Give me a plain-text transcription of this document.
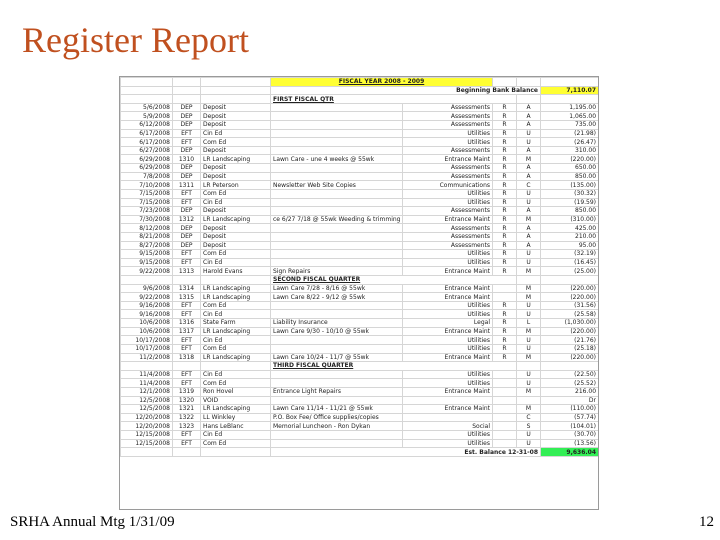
Register Report
			FISCAL YEAR 2008 - 2009				
			Beginning Bank Balance				7,110.07
			FIRST FISCAL QTR				
5/6/2008	DEP	Deposit		Assessments	R	A	1,195.00
5/9/2008	DEP	Deposit		Assessments	R	A	1,065.00
6/12/2008	DEP	Deposit		Assessments	R	A	735.00
6/17/2008	EFT	Cin Ed		Utilities	R	U	(21.98)
6/17/2008	EFT	Com Ed		Utilities	R	U	(26.47)
6/27/2008	DEP	Deposit		Assessments	R	A	310.00
6/29/2008	1310	LR Landscaping	Lawn Care - une 4 weeks @ 55wk	Entrance Maint	R	M	(220.00)
6/29/2008	DEP	Deposit		Assessments	R	A	650.00
7/8/2008	DEP	Deposit		Assessments	R	A	850.00
7/10/2008	1311	LR Peterson	Newsletter Web Site Copies	Communications	R	C	(135.00)
7/15/2008	EFT	Com Ed		Utilities	R	U	(30.32)
7/15/2008	EFT	Cin Ed		Utilities	R	U	(19.59)
7/23/2008	DEP	Deposit		Assessments	R	A	850.00
7/30/2008	1312	LR Landscaping	ce 6/27 7/18 @ 55wk Weeding & trimming	Entrance Maint	R	M	(310.00)
8/12/2008	DEP	Deposit		Assessments	R	A	425.00
8/21/2008	DEP	Deposit		Assessments	R	A	210.00
8/27/2008	DEP	Deposit		Assessments	R	A	95.00
9/15/2008	EFT	Com Ed		Utilities	R	U	(32.19)
9/15/2008	EFT	Cin Ed		Utilities	R	U	(16.45)
9/22/2008	1313	Harold Evans	Sign Repairs	Entrance Maint	R	M	(25.00)
			SECOND FISCAL QUARTER				
9/6/2008	1314	LR Landscaping	Lawn Care 7/28 - 8/16 @ 55wk	Entrance Maint		M	(220.00)
9/22/2008	1315	LR Landscaping	Lawn Care 8/22 - 9/12 @ 55wk	Entrance Maint		M	(220.00)
9/16/2008	EFT	Com Ed		Utilities	R	U	(31.56)
9/16/2008	EFT	Cin Ed		Utilities	R	U	(25.58)
10/6/2008	1316	State Farm	Liability Insurance	Legal	R	L	(1,030.00)
10/6/2008	1317	LR Landscaping	Lawn Care 9/30 - 10/10 @ 55wk	Entrance Maint	R	M	(220.00)
10/17/2008	EFT	Cin Ed		Utilities	R	U	(21.76)
10/17/2008	EFT	Com Ed		Utilities	R	U	(25.18)
11/2/2008	1318	LR Landscaping	Lawn Care 10/24 - 11/7 @ 55wk	Entrance Maint	R	M	(220.00)
			THIRD FISCAL QUARTER				
11/4/2008	EFT	Cin Ed		Utilities		U	(22.50)
11/4/2008	EFT	Com Ed		Utilities		U	(25.52)
12/1/2008	1319	Ron Hovel	Entrance Light Repairs	Entrance Maint		M	216.00
12/5/2008	1320	VOID					Dr
12/5/2008	1321	LR Landscaping	Lawn Care 11/14 - 11/21 @ 55wk	Entrance Maint		M	(110.00)
12/20/2008	1322	LL Winkley	P.O. Box Fee/ Office supplies/copies			C	(57.74)
12/20/2008	1323	Hans LeBlanc	Memorial Luncheon - Ron Dykan	Social		S	(104.01)
12/15/2008	EFT	Cin Ed		Utilities		U	(30.70)
12/15/2008	EFT	Com Ed		Utilities		U	(13.56)
			Est. Balance 12-31-08				9,636.04
SRHA Annual Mtg 1/31/09	12
